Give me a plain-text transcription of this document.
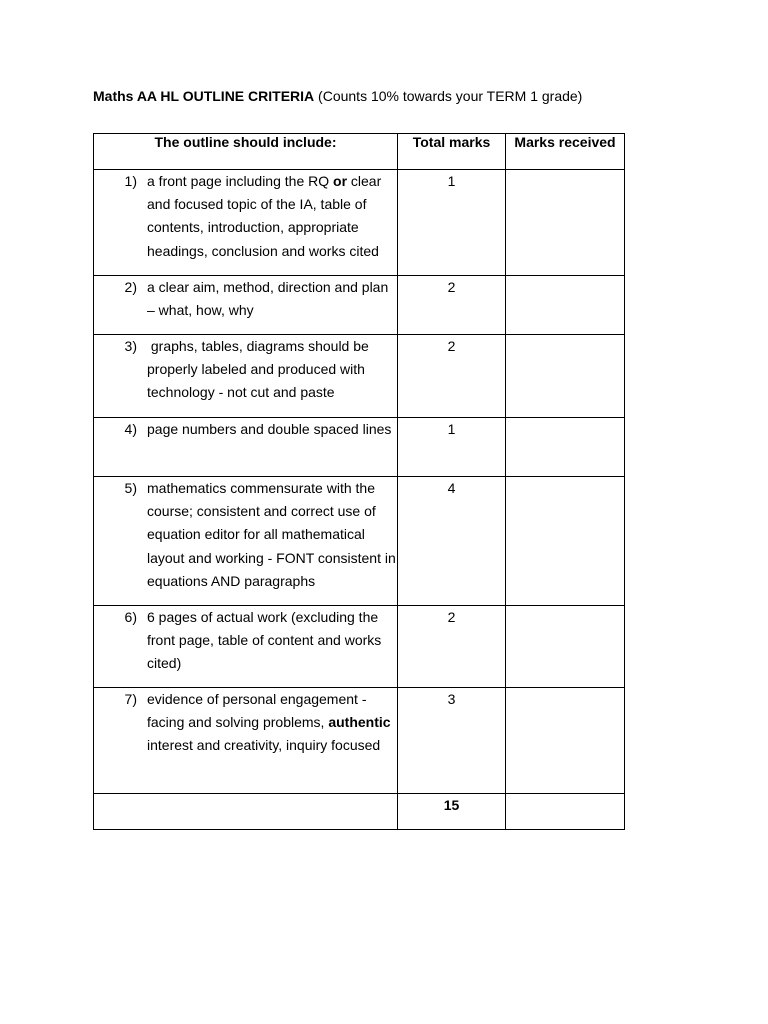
Maths AA HL OUTLINE CRITERIA (Counts 10% towards your TERM 1 grade)
The outline should include:	Total marks	Marks received

1) a front page including the RQ or clear and focused topic of the IA, table of contents, introduction, appropriate headings, conclusion and works cited	1	

2) a clear aim, method, direction and plan – what, how, why	2	

3) graphs, tables, diagrams should be properly labeled and produced with technology - not cut and paste	2	

4) page numbers and double spaced lines	1	

5) mathematics commensurate with the course; consistent and correct use of equation editor for all mathematical layout and working - FONT consistent in equations AND paragraphs	4	

6) 6 pages of actual work (excluding the front page, table of content and works cited)	2	

7) evidence of personal engagement - facing and solving problems, authentic interest and creativity, inquiry focused	3	
	15	
